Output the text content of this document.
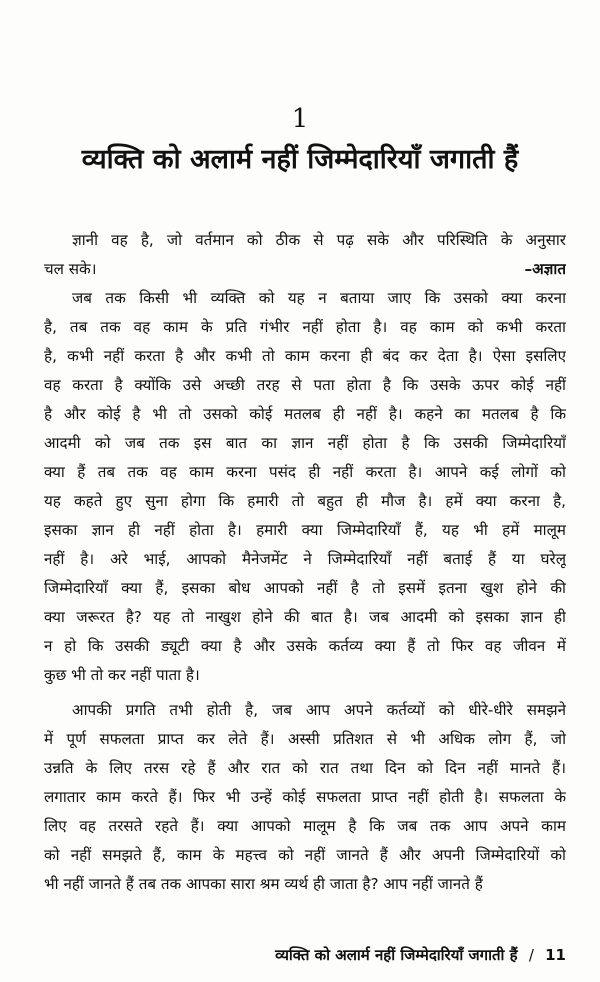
1
व्यक्ति को अलार्म नहीं जिम्मेदारियाँ जगाती हैं
ज्ञानी वह है, जो वर्तमान को ठीक से पढ़ सके और परिस्थिति के अनुसार
चल सके।	–अज्ञात
जब तक किसी भी व्यक्ति को यह न बताया जाए कि उसको क्या करना
है, तब तक वह काम के प्रति गंभीर नहीं होता है। वह काम को कभी करता
है, कभी नहीं करता है और कभी तो काम करना ही बंद कर देता है। ऐसा इसलिए
वह करता है क्योंकि उसे अच्छी तरह से पता होता है कि उसके ऊपर कोई नहीं
है और कोई है भी तो उसको कोई मतलब ही नहीं है। कहने का मतलब है कि
आदमी को जब तक इस बात का ज्ञान नहीं होता है कि उसकी जिम्मेदारियाँ
क्या हैं तब तक वह काम करना पसंद ही नहीं करता है। आपने कई लोगों को
यह कहते हुए सुना होगा कि हमारी तो बहुत ही मौज है। हमें क्या करना है,
इसका ज्ञान ही नहीं होता है। हमारी क्या जिम्मेदारियाँ हैं, यह भी हमें मालूम
नहीं है। अरे भाई, आपको मैनेजमेंट ने जिम्मेदारियाँ नहीं बताई हैं या घरेलू
जिम्मेदारियाँ क्या हैं, इसका बोध आपको नहीं है तो इसमें इतना खुश होने की
क्या जरूरत है? यह तो नाखुश होने की बात है। जब आदमी को इसका ज्ञान ही
न हो कि उसकी ड्यूटी क्या है और उसके कर्तव्य क्या हैं तो फिर वह जीवन में
कुछ भी तो कर नहीं पाता है।
आपकी प्रगति तभी होती है, जब आप अपने कर्तव्यों को धीरे-धीरे समझने
में पूर्ण सफलता प्राप्त कर लेते हैं। अस्सी प्रतिशत से भी अधिक लोग हैं, जो
उन्नति के लिए तरस रहे हैं और रात को रात तथा दिन को दिन नहीं मानते हैं।
लगातार काम करते हैं। फिर भी उन्हें कोई सफलता प्राप्त नहीं होती है। सफलता के
लिए वह तरसते रहते हैं। क्या आपको मालूम है कि जब तक आप अपने काम
को नहीं समझते हैं, काम के महत्त्व को नहीं जानते हैं और अपनी जिम्मेदारियों को
भी नहीं जानते हैं तब तक आपका सारा श्रम व्यर्थ ही जाता है? आप नहीं जानते हैं
व्यक्ति को अलार्म नहीं जिम्मेदारियाँ जगाती हैं / 11
